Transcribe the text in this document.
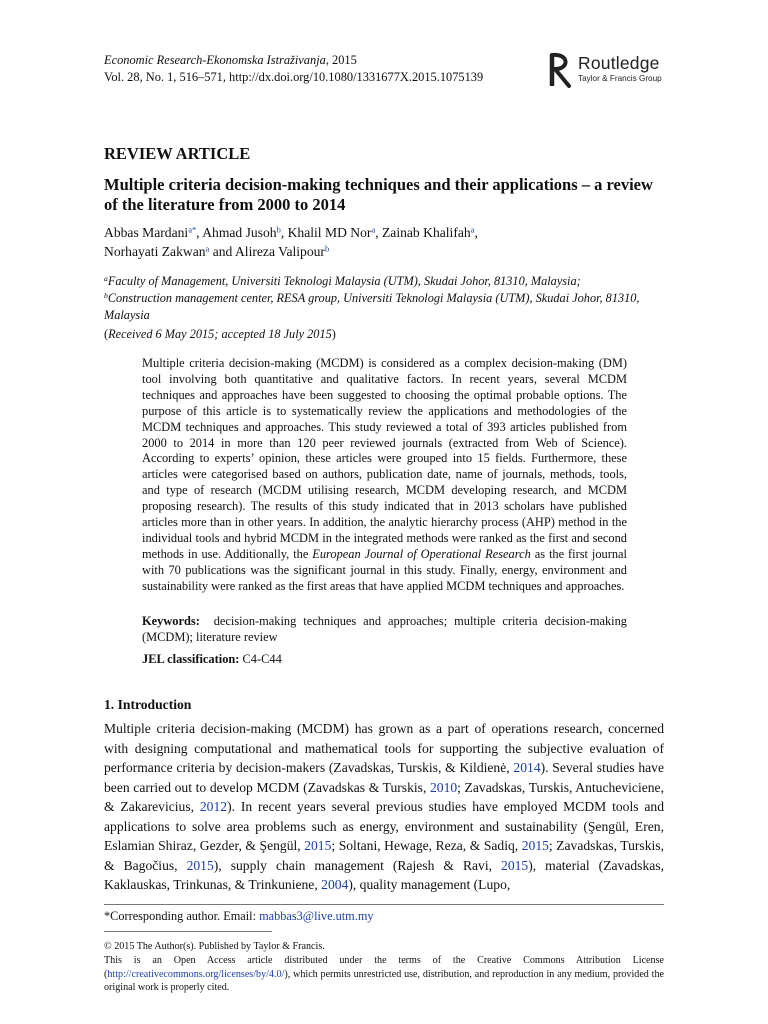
Economic Research-Ekonomska Istraživanja, 2015
Vol. 28, No. 1, 516–571, http://dx.doi.org/10.1080/1331677X.2015.1075139
Routledge
Taylor & Francis Group
REVIEW ARTICLE
Multiple criteria decision-making techniques and their applications – a review of the literature from 2000 to 2014
Abbas Mardani$^{a*}$, Ahmad Jusoh$^b$, Khalil MD Nor$^a$, Zainab Khalifah$^a$,
Norhayati Zakwan$^a$ and Alireza Valipour$^b$
$^a$Faculty of Management, Universiti Teknologi Malaysia (UTM), Skudai Johor, 81310, Malaysia;
$^b$Construction management center, RESA group, Universiti Teknologi Malaysia (UTM), Skudai Johor, 81310, Malaysia
(Received 6 May 2015; accepted 18 July 2015)
Multiple criteria decision-making (MCDM) is considered as a complex decision-making (DM) tool involving both quantitative and qualitative factors. In recent years, several MCDM techniques and approaches have been suggested to choosing the optimal probable options. The purpose of this article is to systematically review the applications and methodologies of the MCDM techniques and approaches. This study reviewed a total of 393 articles published from 2000 to 2014 in more than 120 peer reviewed journals (extracted from Web of Science). According to experts’ opinion, these articles were grouped into 15 fields. Furthermore, these articles were categorised based on authors, publication date, name of journals, methods, tools, and type of research (MCDM utilising research, MCDM developing research, and MCDM proposing research). The results of this study indicated that in 2013 scholars have published articles more than in other years. In addition, the analytic hierarchy process (AHP) method in the individual tools and hybrid MCDM in the integrated methods were ranked as the first and second methods in use. Additionally, the European Journal of Operational Research as the first journal with 70 publications was the significant journal in this study. Finally, energy, environment and sustainability were ranked as the first areas that have applied MCDM techniques and approaches.
Keywords: decision-making techniques and approaches; multiple criteria decision-making (MCDM); literature review
JEL classification: C4-C44
1. Introduction
Multiple criteria decision-making (MCDM) has grown as a part of operations research, concerned with designing computational and mathematical tools for supporting the subjective evaluation of performance criteria by decision-makers (Zavadskas, Turskis, & Kildienė, 2014). Several studies have been carried out to develop MCDM (Zavadskas & Turskis, 2010; Zavadskas, Turskis, Antucheviciene, & Zakarevicius, 2012). In recent years several previous studies have employed MCDM tools and applications to solve area problems such as energy, environment and sustainability (Şengül, Eren, Eslamian Shiraz, Gezder, & Şengül, 2015; Soltani, Hewage, Reza, & Sadiq, 2015; Zavadskas, Turskis, & Bagočius, 2015), supply chain management (Rajesh & Ravi, 2015), material (Zavadskas, Kaklauskas, Trinkunas, & Trinkuniene, 2004), quality management (Lupo,
*Corresponding author. Email: mabbas3@live.utm.my
© 2015 The Author(s). Published by Taylor & Francis.
This is an Open Access article distributed under the terms of the Creative Commons Attribution License (http://creativecommons.org/licenses/by/4.0/), which permits unrestricted use, distribution, and reproduction in any medium, provided the original work is properly cited.
